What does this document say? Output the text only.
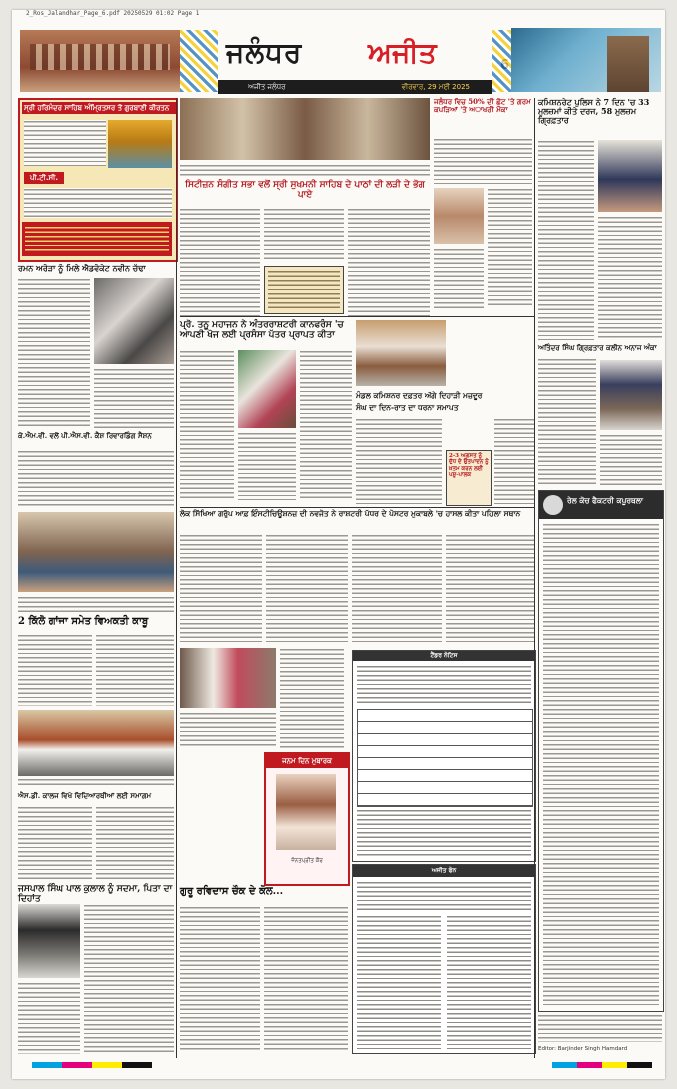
2_Ros_Jalandhar_Page_6.pdf 20250529 01:02 Page 1
ਜਲੰਧਰ ਅਜੀਤ
ਅਜੀਤ ਜਲੰਧਰ	ਵੀਰਵਾਰ, 29 ਮਈ 2025
ਸ੍ਰੀ ਹਰਿਮੰਦਰ ਸਾਹਿਬ ਅੰਮ੍ਰਿਤਸਰ ਤੋਂ ਗੁਰਬਾਣੀ ਕੀਰਤਨ
ਪੀ.ਟੀ.ਸੀ.
ਰਮਨ ਅਰੋੜਾ ਨੂੰ ਮਿਲੇ ਐਡਵੋਕੇਟ ਨਵੀਨ ਚੱਢਾ
ਕੇ.ਐਮ.ਵੀ. ਵਲੋਂ ਪੀ.ਐਸ.ਵੀ. ਕੈਸ਼ ਰਿਵਾਰਡਿੰਗ ਸੈਸ਼ਨ
2 ਕਿੱਲੋ ਗਾਂਜਾ ਸਮੇਤ ਵਿਅਕਤੀ ਕਾਬੂ
ਐਸ.ਡੀ. ਕਾਲਜ ਵਿਖੇ ਵਿਦਿਆਰਥੀਆਂ ਲਈ ਸਮਾਗਮ
ਜਸਪਾਲ ਸਿੰਘ ਪਾਲ ਕੁਲਾਲ ਨੂੰ ਸਦਮਾ, ਪਿਤਾ ਦਾ ਦਿਹਾਂਤ
ਸਿਟੀਜ਼ਨ ਸੰਗੀਤ ਸਭਾ ਵਲੋਂ ਸ੍ਰੀ ਸੁਖਮਨੀ ਸਾਹਿਬ ਦੇ ਪਾਠਾਂ ਦੀ ਲੜੀ ਦੇ ਭੋਗ ਪਾਏ
ਜਲੰਧਰ ਵਿਚ 50% ਦੀ ਛੋਟ 'ਤੇ ਗਰਮ ਕਪੜਿਆਂ 'ਤੇ ਅਾਖਰੀ ਮੌਕਾ
ਕਮਿਸ਼ਨਰੇਟ ਪੁਲਿਸ ਨੇ 7 ਦਿਨ 'ਚ 33 ਮੁਲਜ਼ਮਾਂ ਕੀਤੇ ਦਰਜ, 58 ਮੁਲਜ਼ਮ ਗ੍ਰਿਫ਼ਤਾਰ
ਪ੍ਰੋ. ਤਨੂ ਮਹਾਜਨ ਨੇ ਅੰਤਰਰਾਸ਼ਟਰੀ ਕਾਨਫਰੰਸ 'ਚ ਆਪਣੀ ਖੋਜ ਲਈ ਪ੍ਰਸੰਸਾ ਪੱਤਰ ਪ੍ਰਾਪਤ ਕੀਤਾ
ਮੰਡਲ ਕਮਿਸ਼ਨਰ ਦਫ਼ਤਰ ਅੱਗੇ ਦਿਹਾੜੀ ਮਜ਼ਦੂਰ
ਸੰਘ ਦਾ ਦਿਨ-ਰਾਤ ਦਾ ਧਰਨਾ ਸਮਾਪਤ
2-3 ਅਗਸਤ ਨੂੰ ਦੁੱਧ ਦੇ ਉਤਪਾਦਨ ਨੂੰ ਖ਼ਤਮ ਕਰਨ ਲਈ ਪਸ਼ੂ-ਪਾਲਕ
ਅਤਿੰਦਰ ਸਿੰਘ ਗ੍ਰਿਫ਼ਤਾਰ ਕਲੀਨ ਅਨਾਜ ਅੰਕਾ
ਰੇਲ ਕੋਚ ਫੈਕਟਰੀ ਕਪੂਰਥਲਾ
Editor: Barjinder Singh Hamdard
ਲੋਕ ਸਿੱਖਿਆ ਗਰੁੱਪ ਆਫ਼ ਇੰਸਟੀਚਿਊਸ਼ਨਜ਼ ਦੀ ਨਵਜੋਤ ਨੇ ਰਾਸ਼ਟਰੀ ਪੱਧਰ ਦੇ ਪੋਸਟਰ ਮੁਕਾਬਲੇ 'ਚ ਹਾਸਲ ਕੀਤਾ ਪਹਿਲਾ ਸਥਾਨ
ਟੈਂਡਰ ਨੋਟਿਸ
ਜਨਮ ਦਿਨ ਮੁਬਾਰਕ
ਜੰਨਤਪ੍ਰੀਤ ਕੌਰ
ਅਜੀਤ ਫੋਨ
ਗੁਰੂ ਰਵਿਦਾਸ ਚੌਕ ਦੇ ਕੋਲ...
